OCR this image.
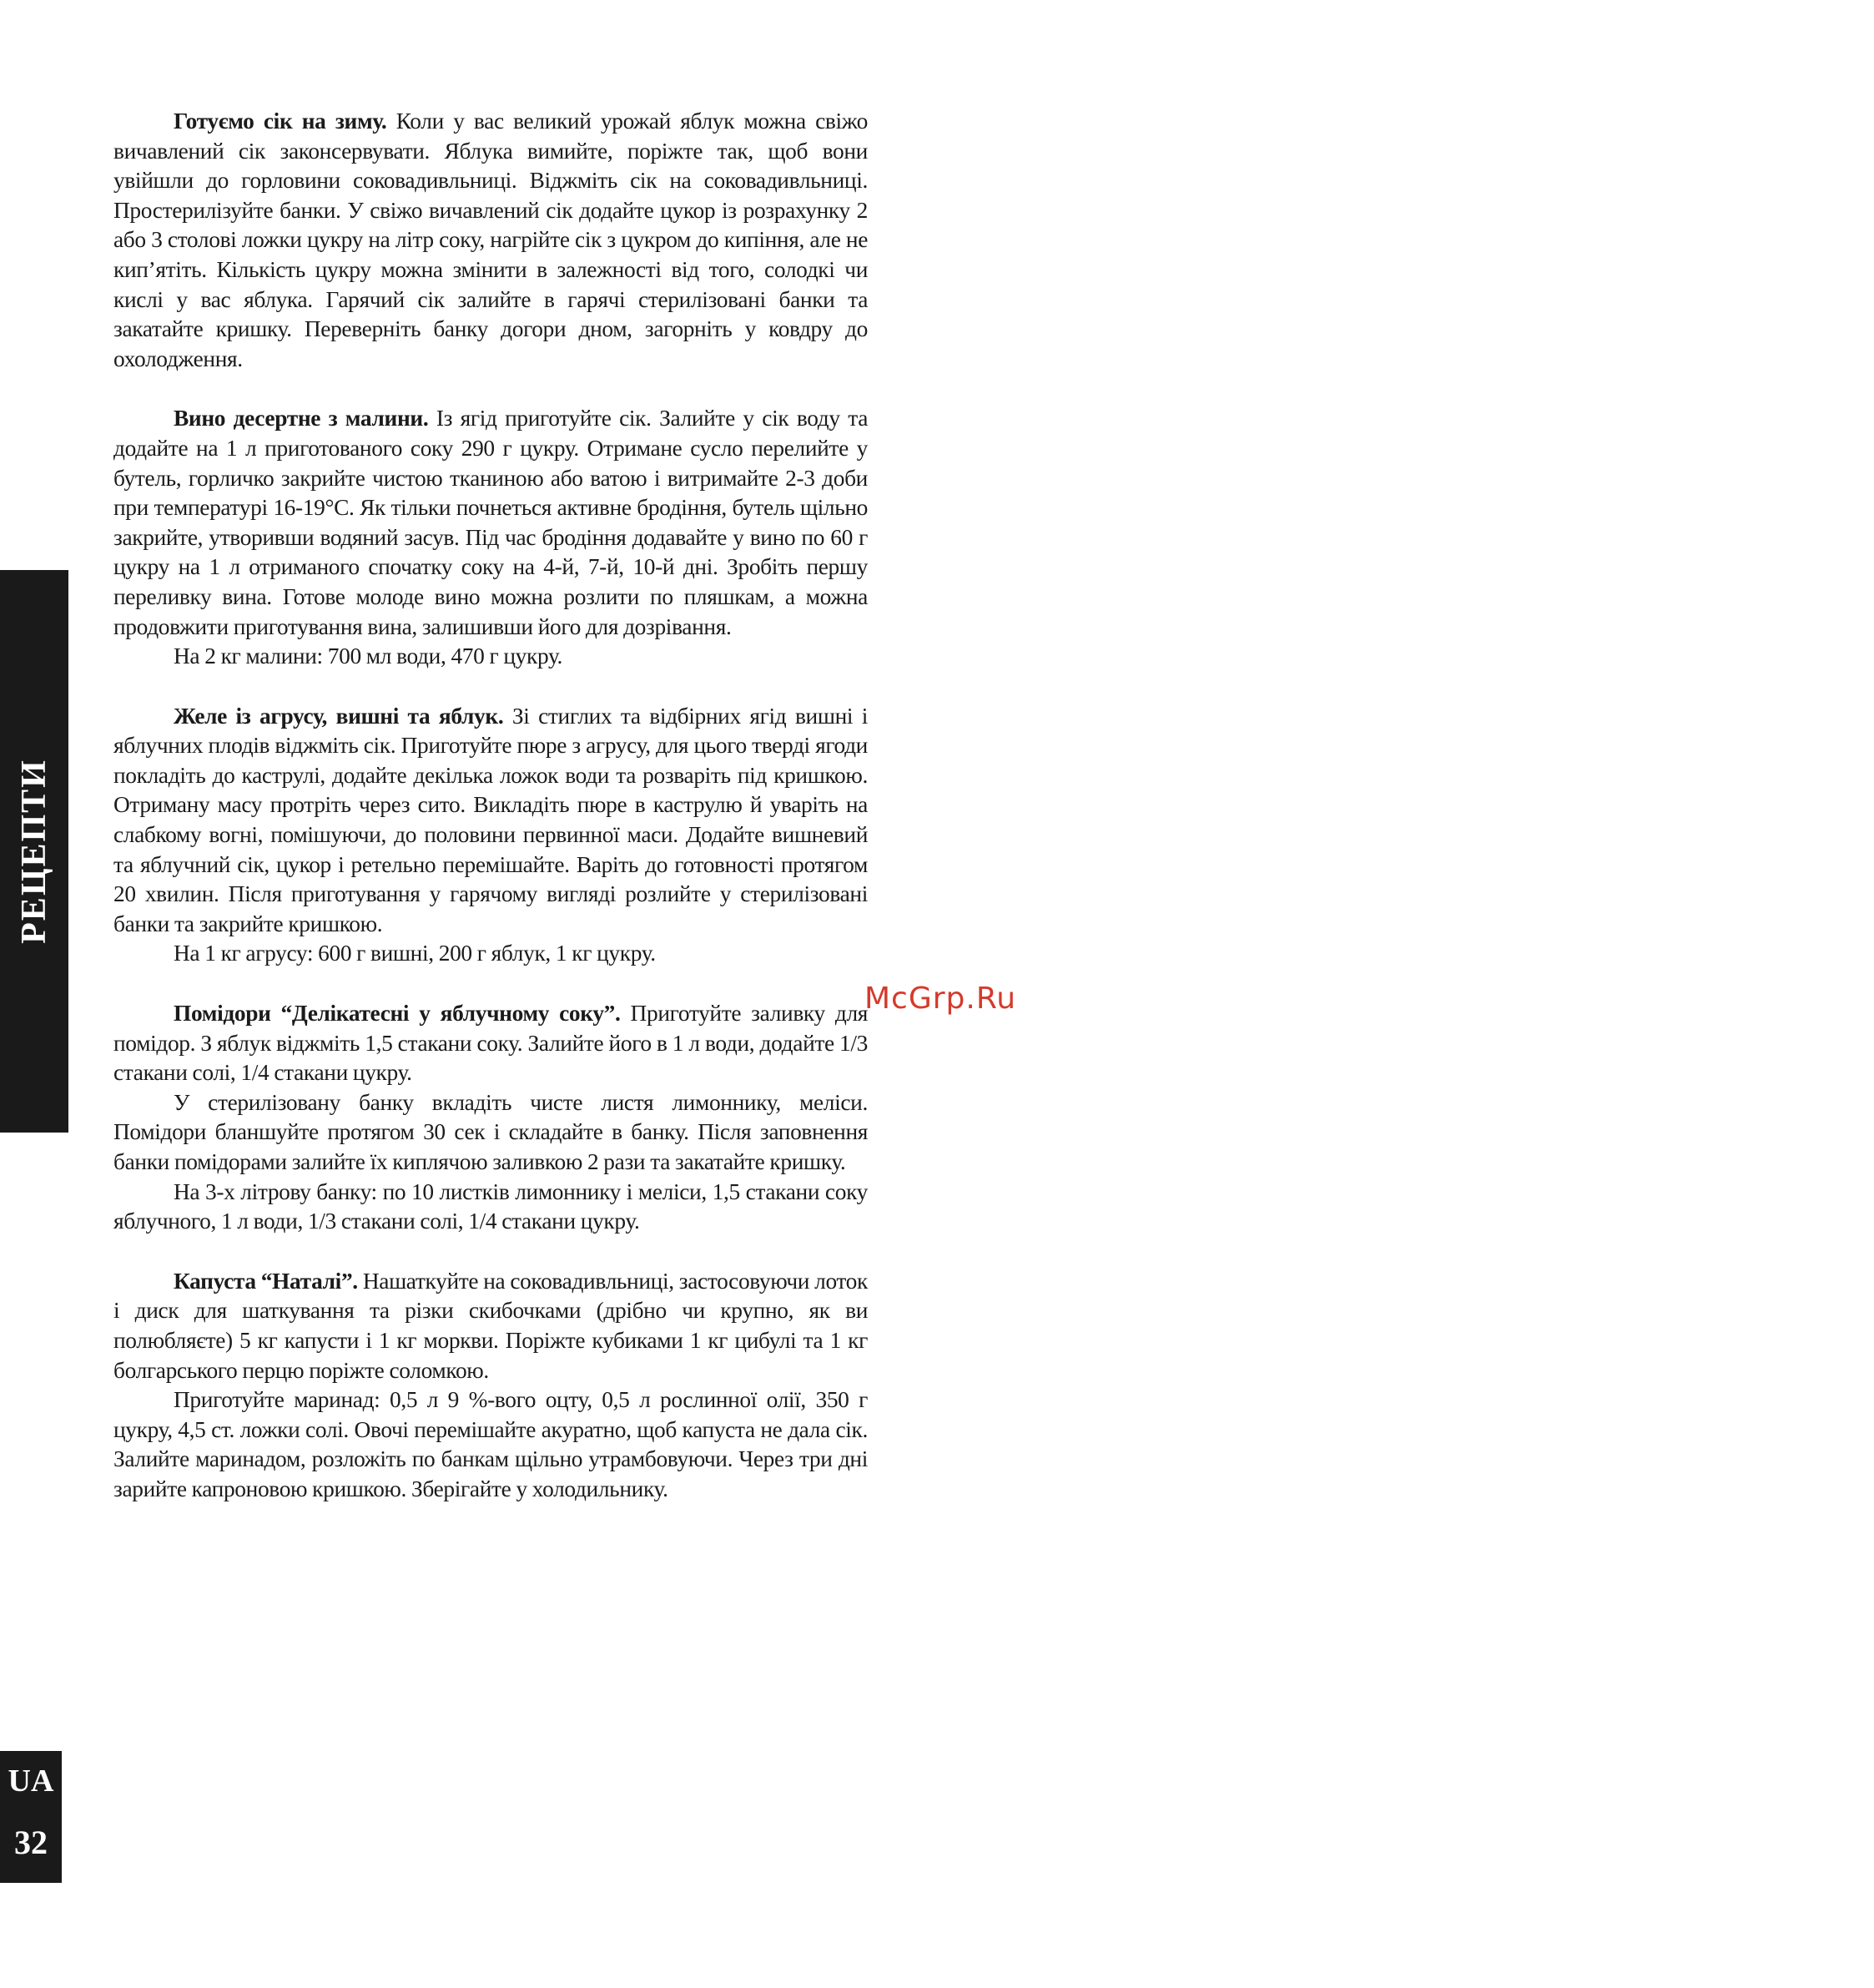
Готуємо сік на зиму. Коли у вас великий урожай яблук можна свіжо вичавлений сік законсервувати. Яблука вимийте, поріжте так, щоб вони увійшли до горловини соковадивльниці. Віджміть сік на соковадивльниці. Простерилізуйте банки. У свіжо вичавлений сік додайте цукор із розрахунку 2 або 3 столові ложки цукру на літр соку, нагрійте сік з цукром до кипіння, але не кип’ятіть. Кількість цукру можна змінити в залежності від того, солодкі чи кислі у вас яблука. Гарячий сік залийте в гарячі стерилізовані банки та закатайте кришку. Переверніть банку догори дном, загорніть у ковдру до охолодження.

Вино десертне з малини. Із ягід приготуйте сік. Залийте у сік воду та додайте на 1 л приготованого соку 290 г цукру. Отримане сусло перелийте у бутель, горличко закрийте чистою тканиною або ватою і витримайте 2-3 доби при температурі 16-19°С. Як тільки почнеться активне бродіння, бутель щільно закрийте, утворивши водяний засув. Під час бродіння додавайте у вино по 60 г цукру на 1 л отриманого спочатку соку на 4-й, 7-й, 10-й дні. Зробіть першу переливку вина. Готове молоде вино можна розлити по пляшкам, а можна продовжити приготування вина, залишивши його для дозрівання.

На 2 кг малини: 700 мл води, 470 г цукру.

Желе із агрусу, вишні та яблук. Зі стиглих та відбірних ягід вишні і яблучних плодів віджміть сік. Приготуйте пюре з агрусу, для цього тверді ягоди покладіть до каструлі, додайте декілька ложок води та розваріть під кришкою. Отриману масу протріть через сито. Викладіть пюре в каструлю й уваріть на слабкому вогні, помішуючи, до половини первинної маси. Додайте вишневий та яблучний сік, цукор і ретельно перемішайте. Варіть до готовності протягом 20 хвилин. Після приготування у гарячому вигляді розлийте у стерилізовані банки та закрийте кришкою.

На 1 кг агрусу: 600 г вишні, 200 г яблук, 1 кг цукру.

Помідори “Делікатесні у яблучному соку”. Приготуйте заливку для помідор. З яблук віджміть 1,5 стакани соку. Залийте його в 1 л води, додайте 1/3 стакани солі, 1/4 стакани цукру.

У стерилізовану банку вкладіть чисте листя лимоннику, меліси. Помідори бланшуйте протягом 30 сек і складайте в банку. Після заповнення банки помідорами залийте їх киплячою заливкою 2 рази та закатайте кришку.

На 3-х літрову банку: по 10 листків лимоннику і меліси, 1,5 стакани соку яблучного, 1 л води, 1/3 стакани солі, 1/4 стакани цукру.

Капуста “Наталі”. Нашаткуйте на соковадивльниці, застосовуючи лоток і диск для шаткування та різки скибочками (дрібно чи крупно, як ви полюбляєте) 5 кг капусти і 1 кг моркви. Поріжте кубиками 1 кг цибулі та 1 кг болгарського перцю поріжте соломкою.

Приготуйте маринад: 0,5 л 9 %-вого оцту, 0,5 л рослинної олії, 350 г цукру, 4,5 ст. ложки солі. Овочі перемішайте акуратно, щоб капуста не дала сік. Залийте маринадом, розложіть по банкам щільно утрамбовуючи. Через три дні зарийте капроновою кришкою. Зберігайте у холодильнику.

РЕЦЕПТИ
UA
32
McGrp.Ru
